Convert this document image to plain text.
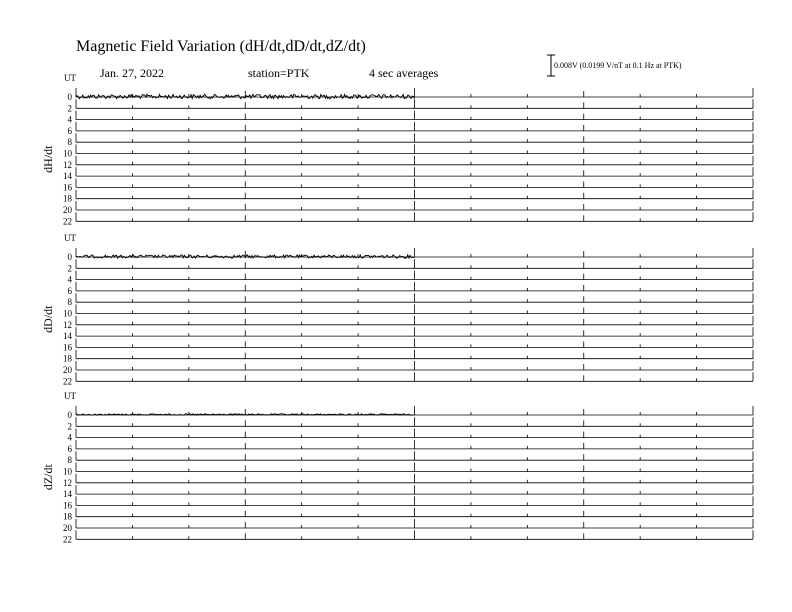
UT
dH/dt
0
2
4
6
8
10
12
14
16
18
20
22
UT
dD/dt
0
2
4
6
8
10
12
14
16
18
20
22
UT
dZ/dt
0
2
4
6
8
10
12
14
16
18
20
22
Magnetic Field Variation (dH/dt,dD/dt,dZ/dt)
Jan. 27, 2022	station=PTK	4 sec averages
0.008V (0.0199 V/nT at 0.1 Hz at PTK)
